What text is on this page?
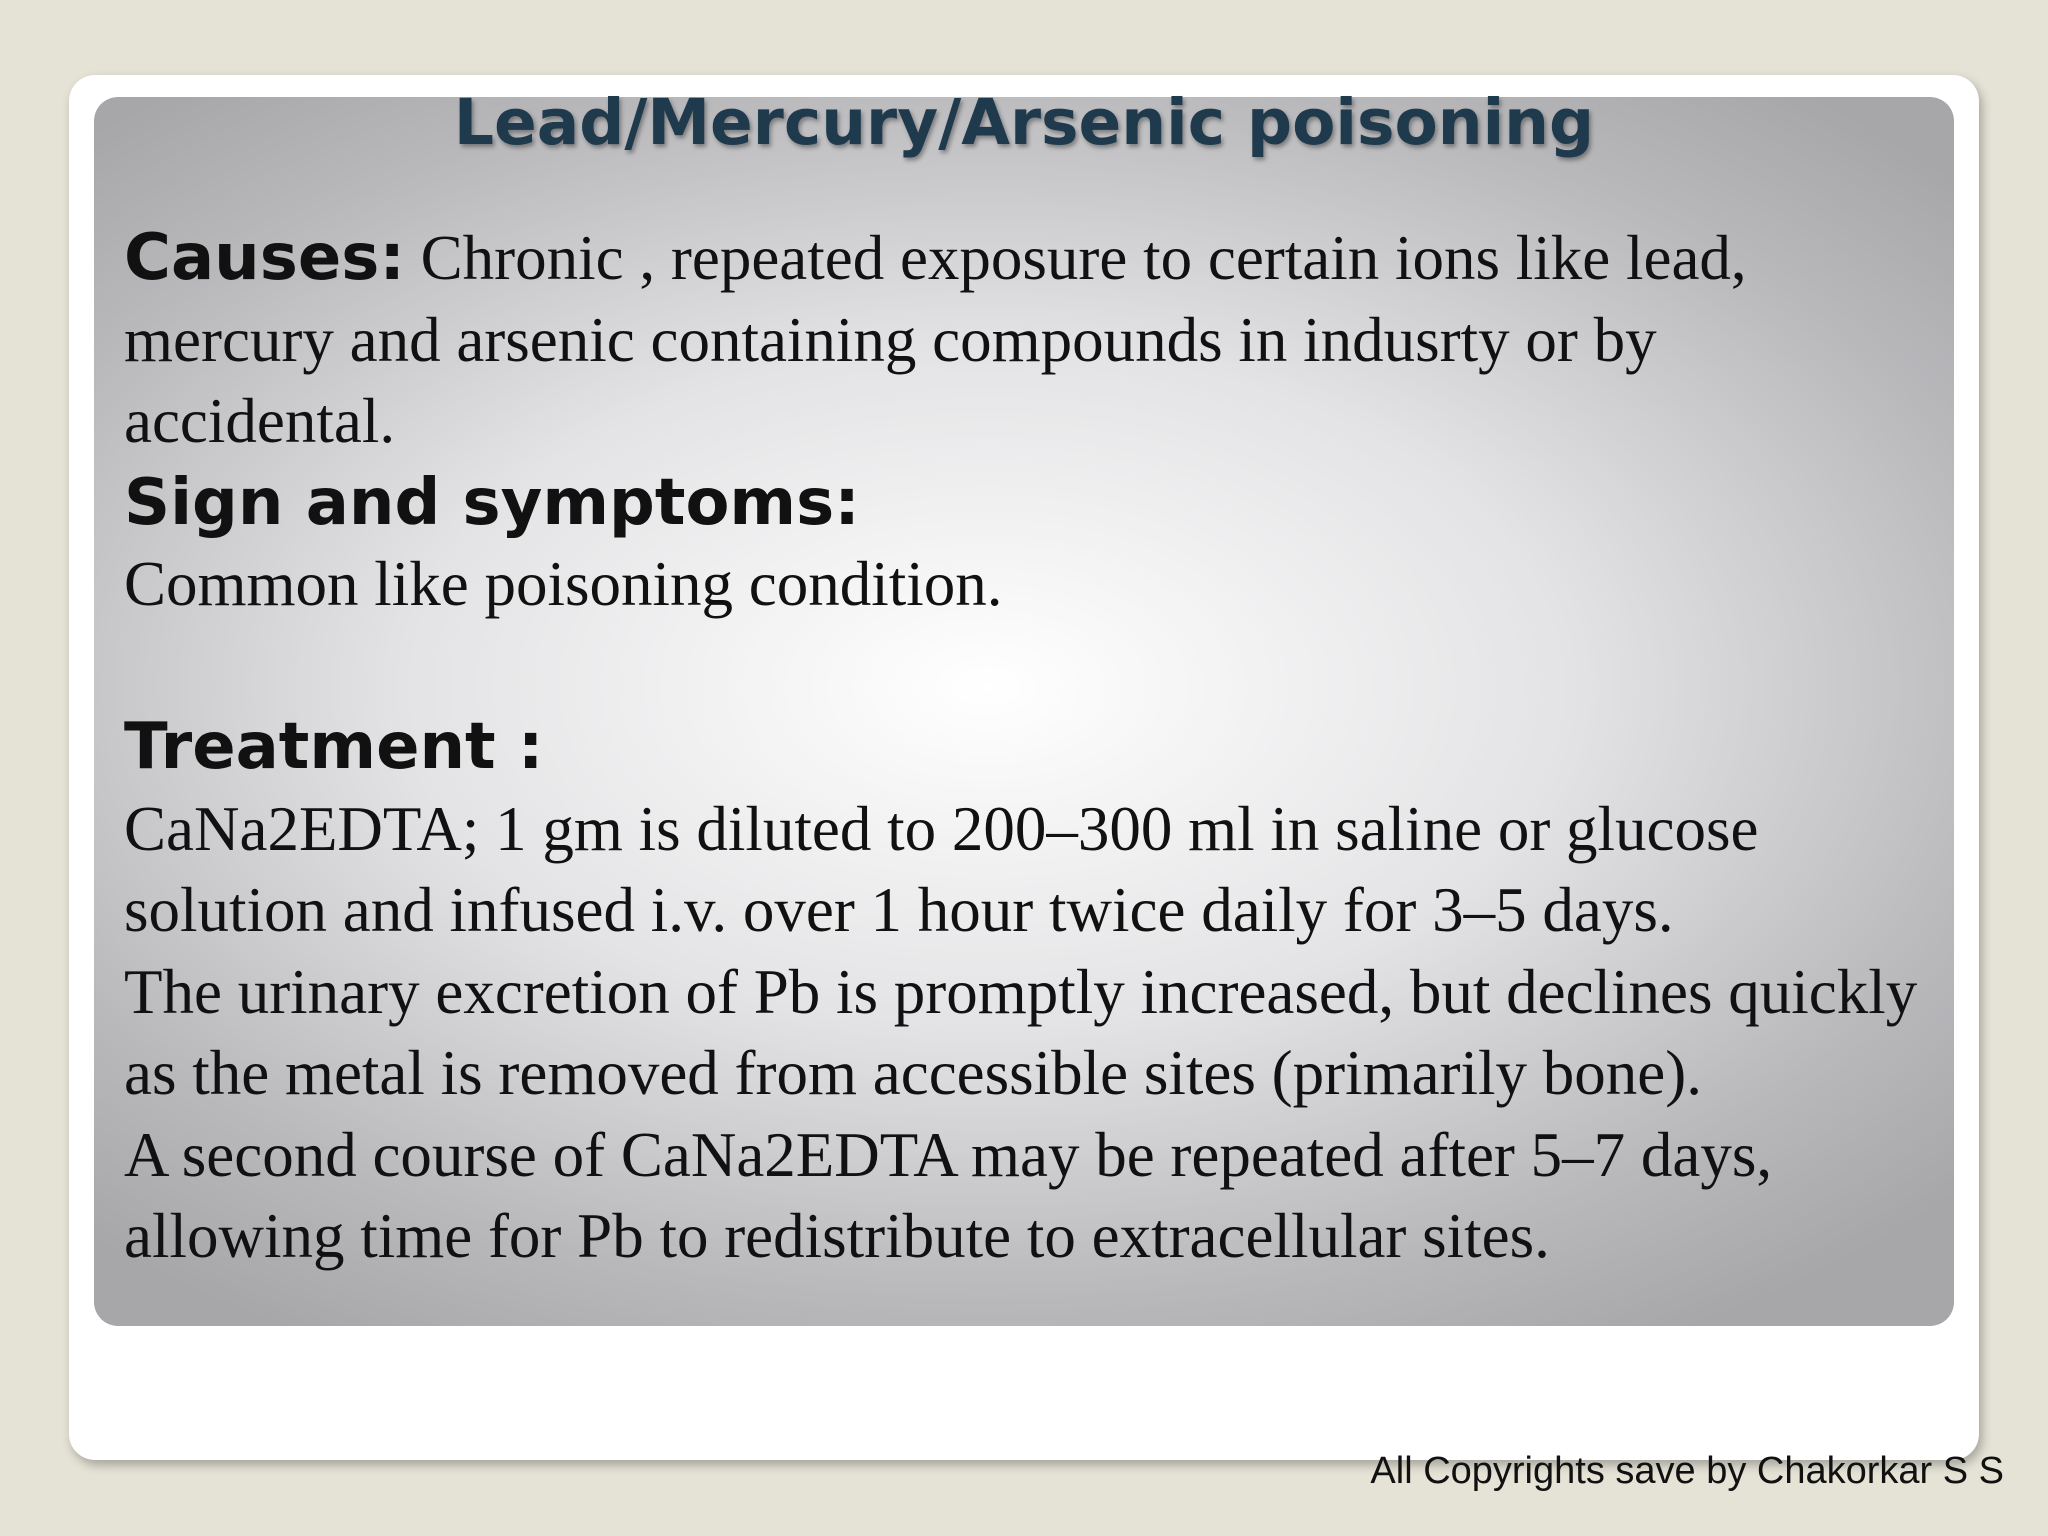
Lead/Mercury/Arsenic poisoning

Causes: Chronic , repeated exposure to certain ions like lead, mercury and arsenic containing compounds in indusrty or by accidental.

Sign and symptoms:

Common like poisoning condition.

Treatment :

CaNa2EDTA; 1 gm is diluted to 200–300 ml in saline or glucose solution and infused i.v. over 1 hour twice daily for 3–5 days.

The urinary excretion of Pb is promptly increased, but declines quickly as the metal is removed from accessible sites (primarily bone).

A second course of CaNa2EDTA may be repeated after 5–7 days, allowing time for Pb to redistribute to extracellular sites.

All Copyrights save by Chakorkar S S
